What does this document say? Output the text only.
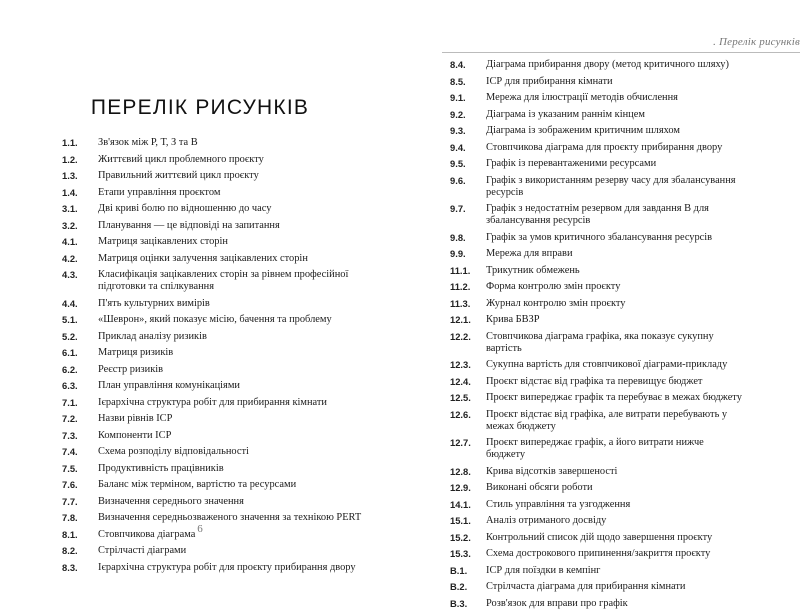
ПЕРЕЛІК РИСУНКІВ
1.1.	Зв'язок між Р, Т, З та В
1.2.	Життєвий цикл проблемного проєкту
1.3.	Правильний життєвий цикл проєкту
1.4.	Етапи управління проєктом
3.1.	Дві криві болю по відношенню до часу
3.2.	Планування — це відповіді на запитання
4.1.	Матриця зацікавлених сторін
4.2.	Матриця оцінки залучення зацікавлених сторін
4.3.	Класифікація зацікавлених сторін за рівнем професійної підготовки та спілкування
4.4.	П'ять культурних вимірів
5.1.	«Шеврон», який показує місію, бачення та проблему
5.2.	Приклад аналізу ризиків
6.1.	Матриця ризиків
6.2.	Реєстр ризиків
6.3.	План управління комунікаціями
7.1.	Ієрархічна структура робіт для прибирання кімнати
7.2.	Назви рівнів ІСР
7.3.	Компоненти ІСР
7.4.	Схема розподілу відповідальності
7.5.	Продуктивність працівників
7.6.	Баланс між терміном, вартістю та ресурсами
7.7.	Визначення середнього значення
7.8.	Визначення середньозваженого значення за технікою PERT
8.1.	Стовпчикова діаграма
8.2.	Стрілчасті діаграми
8.3.	Ієрархічна структура робіт для проєкту прибирання двору
6
. Перелік рисунків
8.4.	Діаграма прибирання двору (метод критичного шляху)
8.5.	ІСР для прибирання кімнати
9.1.	Мережа для ілюстрації методів обчислення
9.2.	Діаграма із указаним раннім кінцем
9.3.	Діаграма із зображеним критичним шляхом
9.4.	Стовпчикова діаграма для проєкту прибирання двору
9.5.	Графік із перевантаженими ресурсами
9.6.	Графік з використанням резерву часу для збалансування ресурсів
9.7.	Графік з недостатнім резервом для завдання В для збалансування ресурсів
9.8.	Графік за умов критичного збалансування ресурсів
9.9.	Мережа для вправи
11.1.	Трикутник обмежень
11.2.	Форма контролю змін проєкту
11.3.	Журнал контролю змін проєкту
12.1.	Крива БВЗР
12.2.	Стовпчикова діаграма графіка, яка показує сукупну вартість
12.3.	Сукупна вартість для стовпчикової діаграми-прикладу
12.4.	Проєкт відстає від графіка та перевищує бюджет
12.5.	Проєкт випереджає графік та перебуває в межах бюджету
12.6.	Проєкт відстає від графіка, але витрати перебувають у межах бюджету
12.7.	Проєкт випереджає графік, а його витрати нижче бюджету
12.8.	Крива відсотків завершеності
12.9.	Виконані обсяги роботи
14.1.	Стиль управління та узгодження
15.1.	Аналіз отриманого досвіду
15.2.	Контрольний список дій щодо завершення проєкту
15.3.	Схема дострокового припинення/закриття проєкту
В.1.	ІСР для поїздки в кемпінг
В.2.	Стрілчаста діаграма для прибирання кімнати
В.3.	Розв'язок для вправи про графік
